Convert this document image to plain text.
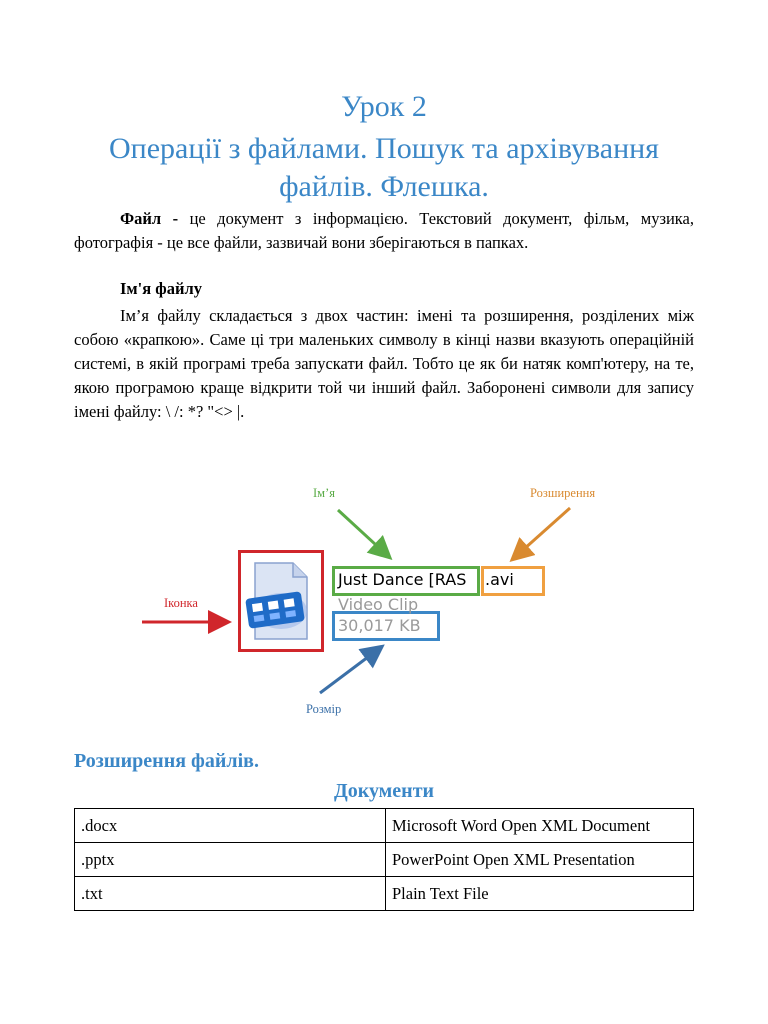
Урок 2
Операції з файлами. Пошук та архівування
файлів. Флешка.
Файл - це документ з інформацією. Текстовий документ, фільм, музика, фотографія - це все файли, зазвичай вони зберігаються в папках.
Ім'я файлу
Ім’я файлу складається з двох частин: імені та розширення, розділених між собою «крапкою». Саме ці три маленьких символу в кінці назви вказують операційній системі, в якій програмі треба запускати файл. Тобто це як би натяк комп'ютеру, на те, якою програмою краще відкрити той чи інший файл. Заборонені символи для запису імені файлу: \ /: *? "<> |.
Ім’я	Розширення
Іконка
Розмір
Just Dance [RAS .avi
Video Clip
30,017 KB
Розширення файлів.
Документи
.docx	Microsoft Word Open XML Document
.pptx	PowerPoint Open XML Presentation
.txt	Plain Text File
